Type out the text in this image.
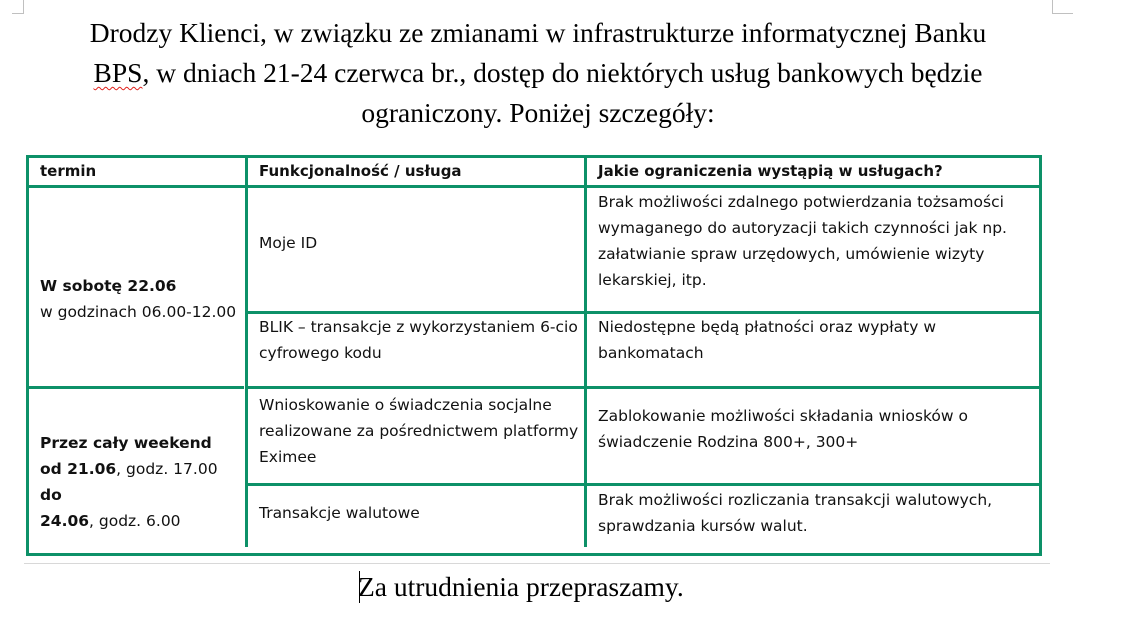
Drodzy Klienci, w związku ze zmianami w infrastrukturze informatycznej Banku
BPS, w dniach 21-24 czerwca br., dostęp do niektórych usług bankowych będzie
ograniczony. Poniżej szczegóły:
termin	Funkcjonalność / usługa	Jakie ograniczenia wystąpią w usługach?
W sobotę 22.06
w godzinach 06.00-12.00
Moje ID
Brak możliwości zdalnego potwierdzania tożsamości wymaganego do autoryzacji takich czynności jak np. załatwianie spraw urzędowych, umówienie wizyty lekarskiej, itp.
BLIK – transakcje z wykorzystaniem 6-cio cyfrowego kodu
Niedostępne będą płatności oraz wypłaty w bankomatach
Przez cały weekend
od 21.06, godz. 17.00 do
24.06, godz. 6.00
Wnioskowanie o świadczenia socjalne realizowane za pośrednictwem platformy Eximee
Zablokowanie możliwości składania wniosków o świadczenie Rodzina 800+, 300+
Transakcje walutowe
Brak możliwości rozliczania transakcji walutowych, sprawdzania kursów walut.

Za utrudnienia przepraszamy.
